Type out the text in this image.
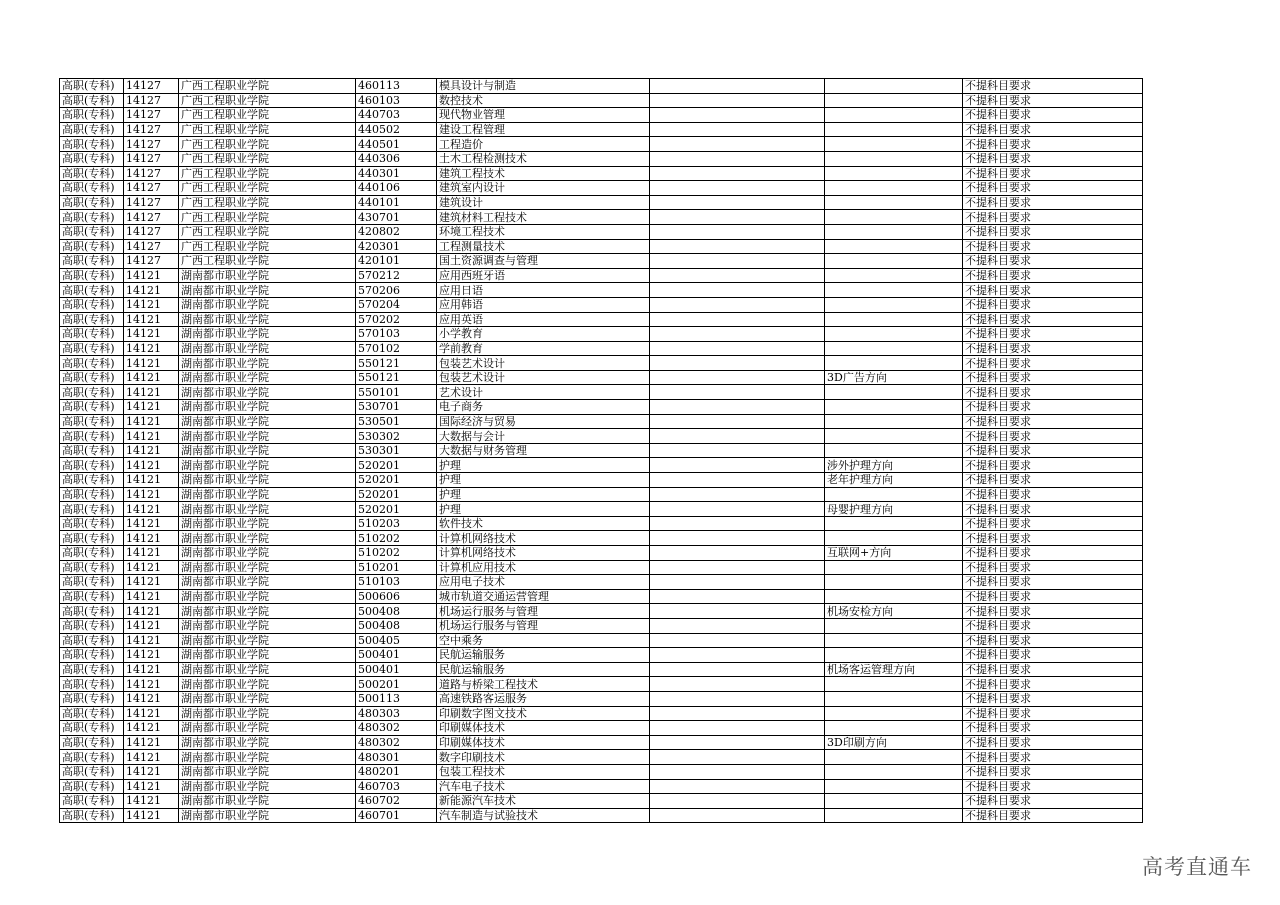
高职(专科)	14127	广西工程职业学院	460113	模具设计与制造			不提科目要求
高职(专科)	14127	广西工程职业学院	460103	数控技术			不提科目要求
高职(专科)	14127	广西工程职业学院	440703	现代物业管理			不提科目要求
高职(专科)	14127	广西工程职业学院	440502	建设工程管理			不提科目要求
高职(专科)	14127	广西工程职业学院	440501	工程造价			不提科目要求
高职(专科)	14127	广西工程职业学院	440306	土木工程检测技术			不提科目要求
高职(专科)	14127	广西工程职业学院	440301	建筑工程技术			不提科目要求
高职(专科)	14127	广西工程职业学院	440106	建筑室内设计			不提科目要求
高职(专科)	14127	广西工程职业学院	440101	建筑设计			不提科目要求
高职(专科)	14127	广西工程职业学院	430701	建筑材料工程技术			不提科目要求
高职(专科)	14127	广西工程职业学院	420802	环境工程技术			不提科目要求
高职(专科)	14127	广西工程职业学院	420301	工程测量技术			不提科目要求
高职(专科)	14127	广西工程职业学院	420101	国土资源调查与管理			不提科目要求
高职(专科)	14121	湖南都市职业学院	570212	应用西班牙语			不提科目要求
高职(专科)	14121	湖南都市职业学院	570206	应用日语			不提科目要求
高职(专科)	14121	湖南都市职业学院	570204	应用韩语			不提科目要求
高职(专科)	14121	湖南都市职业学院	570202	应用英语			不提科目要求
高职(专科)	14121	湖南都市职业学院	570103	小学教育			不提科目要求
高职(专科)	14121	湖南都市职业学院	570102	学前教育			不提科目要求
高职(专科)	14121	湖南都市职业学院	550121	包装艺术设计			不提科目要求
高职(专科)	14121	湖南都市职业学院	550121	包装艺术设计		3D广告方向	不提科目要求
高职(专科)	14121	湖南都市职业学院	550101	艺术设计			不提科目要求
高职(专科)	14121	湖南都市职业学院	530701	电子商务			不提科目要求
高职(专科)	14121	湖南都市职业学院	530501	国际经济与贸易			不提科目要求
高职(专科)	14121	湖南都市职业学院	530302	大数据与会计			不提科目要求
高职(专科)	14121	湖南都市职业学院	530301	大数据与财务管理			不提科目要求
高职(专科)	14121	湖南都市职业学院	520201	护理		涉外护理方向	不提科目要求
高职(专科)	14121	湖南都市职业学院	520201	护理		老年护理方向	不提科目要求
高职(专科)	14121	湖南都市职业学院	520201	护理			不提科目要求
高职(专科)	14121	湖南都市职业学院	520201	护理		母婴护理方向	不提科目要求
高职(专科)	14121	湖南都市职业学院	510203	软件技术			不提科目要求
高职(专科)	14121	湖南都市职业学院	510202	计算机网络技术			不提科目要求
高职(专科)	14121	湖南都市职业学院	510202	计算机网络技术		互联网+方向	不提科目要求
高职(专科)	14121	湖南都市职业学院	510201	计算机应用技术			不提科目要求
高职(专科)	14121	湖南都市职业学院	510103	应用电子技术			不提科目要求
高职(专科)	14121	湖南都市职业学院	500606	城市轨道交通运营管理			不提科目要求
高职(专科)	14121	湖南都市职业学院	500408	机场运行服务与管理		机场安检方向	不提科目要求
高职(专科)	14121	湖南都市职业学院	500408	机场运行服务与管理			不提科目要求
高职(专科)	14121	湖南都市职业学院	500405	空中乘务			不提科目要求
高职(专科)	14121	湖南都市职业学院	500401	民航运输服务			不提科目要求
高职(专科)	14121	湖南都市职业学院	500401	民航运输服务		机场客运管理方向	不提科目要求
高职(专科)	14121	湖南都市职业学院	500201	道路与桥梁工程技术			不提科目要求
高职(专科)	14121	湖南都市职业学院	500113	高速铁路客运服务			不提科目要求
高职(专科)	14121	湖南都市职业学院	480303	印刷数字图文技术			不提科目要求
高职(专科)	14121	湖南都市职业学院	480302	印刷媒体技术			不提科目要求
高职(专科)	14121	湖南都市职业学院	480302	印刷媒体技术		3D印刷方向	不提科目要求
高职(专科)	14121	湖南都市职业学院	480301	数字印刷技术			不提科目要求
高职(专科)	14121	湖南都市职业学院	480201	包装工程技术			不提科目要求
高职(专科)	14121	湖南都市职业学院	460703	汽车电子技术			不提科目要求
高职(专科)	14121	湖南都市职业学院	460702	新能源汽车技术			不提科目要求
高职(专科)	14121	湖南都市职业学院	460701	汽车制造与试验技术			不提科目要求
高考直通车
